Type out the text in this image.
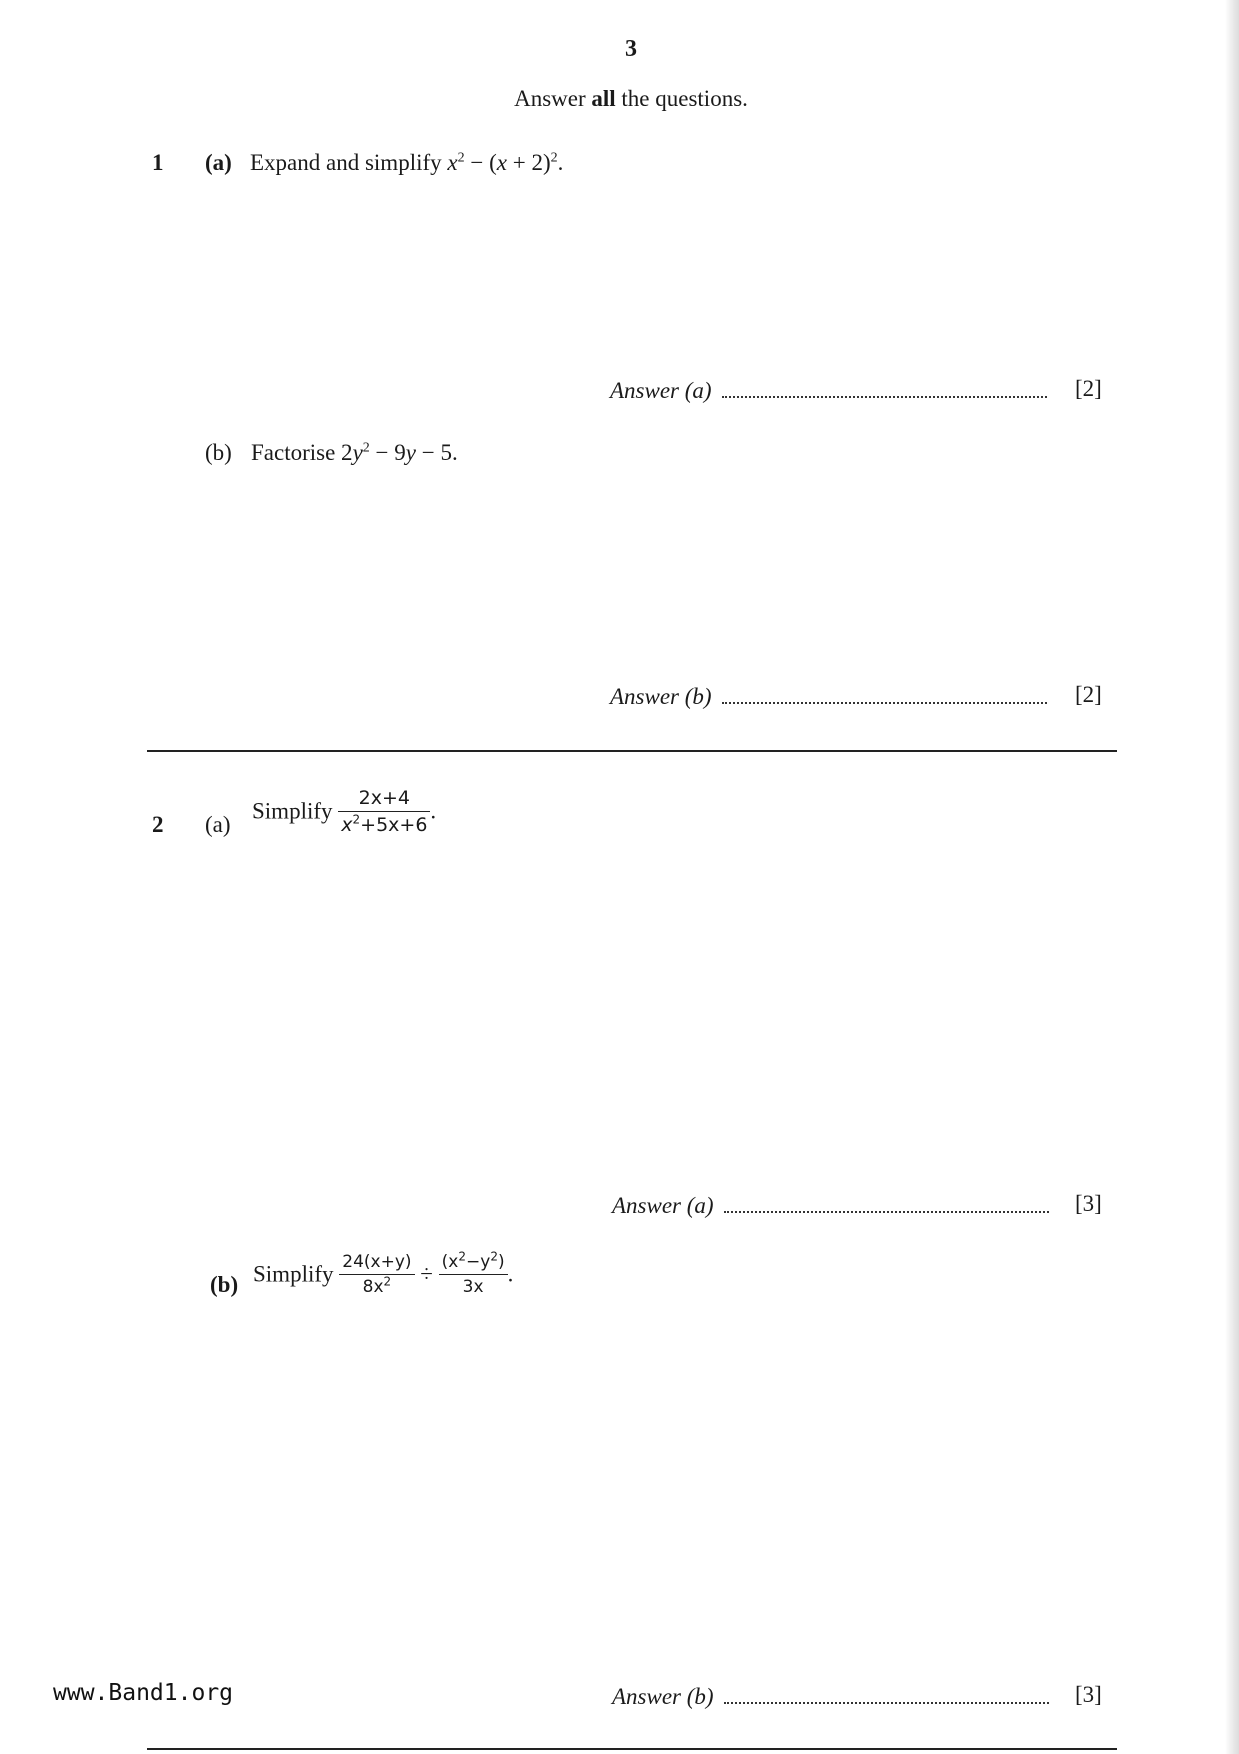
3
Answer all the questions.
1 (a) Expand and simplify $x^2 - (x + 2)^2$.
Answer (a)	[2]
(b) Factorise $2y^2 - 9y - 5$.
Answer (b)	[2]
2 (a)
Simplify $\frac{2x+4}{x^2+5x+6}$ .
Answer (a)	[3]
(b) Simplify $\frac{24(x+y)}{8x^2} \div \frac{(x^2-y^2)}{3x}$ .
Answer (b)	[3]
www.Band1.org
